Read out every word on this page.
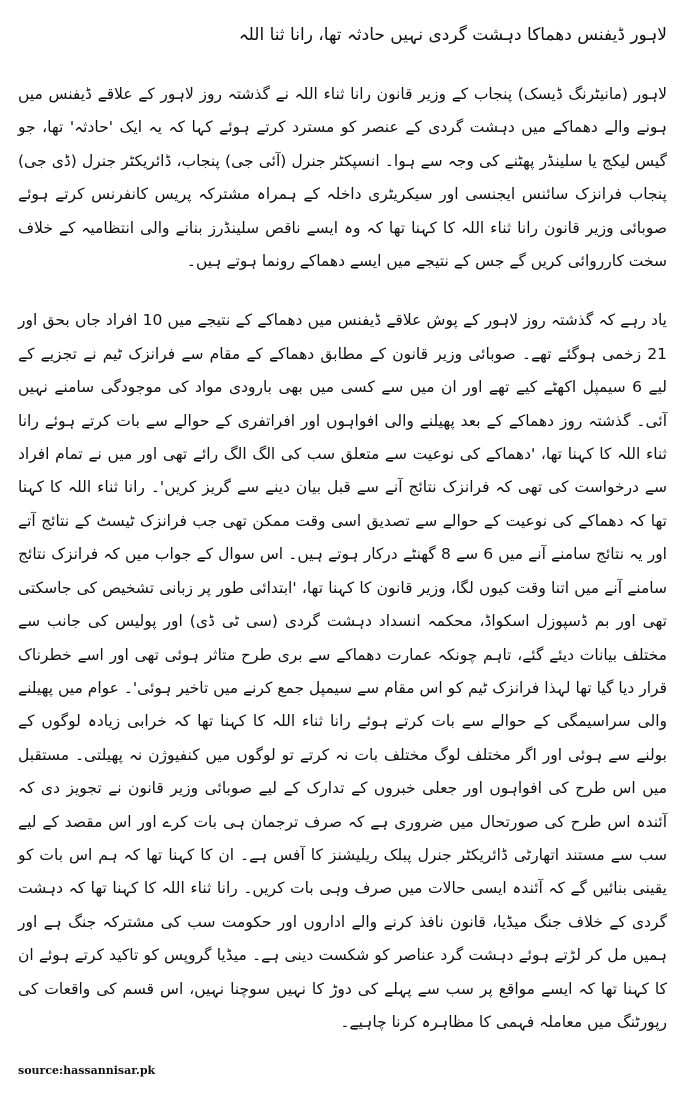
لاہور ڈیفنس دھماکا دہشت گردی نہیں حادثہ تھا، رانا ثنا اللہ

لاہور (مانیٹرنگ ڈیسک) پنجاب کے وزیر قانون رانا ثناء اللہ نے گذشتہ روز لاہور کے علاقے ڈیفنس میں ہونے والے دھماکے میں دہشت گردی کے عنصر کو مسترد کرتے ہوئے کہا کہ یہ ایک 'حادثہ' تھا، جو گیس لیکج یا سلینڈر پھٹنے کی وجہ سے ہوا۔ انسپکٹر جنرل (آئی جی) پنجاب، ڈائریکٹر جنرل (ڈی جی) پنجاب فرانزک سائنس ایجنسی اور سیکریٹری داخلہ کے ہمراہ مشترکہ پریس کانفرنس کرتے ہوئے صوبائی وزیر قانون رانا ثناء اللہ کا کہنا تھا کہ وہ ایسے ناقص سلینڈرز بنانے والی انتظامیہ کے خلاف سخت کارروائی کریں گے جس کے نتیجے میں ایسے دھماکے رونما ہوتے ہیں۔

یاد رہے کہ گذشتہ روز لاہور کے پوش علاقے ڈیفنس میں دھماکے کے نتیجے میں 10 افراد جاں بحق اور 21 زخمی ہوگئے تھے۔ صوبائی وزیر قانون کے مطابق دھماکے کے مقام سے فرانزک ٹیم نے تجزیے کے لیے 6 سیمپل اکھٹے کیے تھے اور ان میں سے کسی میں بھی بارودی مواد کی موجودگی سامنے نہیں آئی۔ گذشتہ روز دھماکے کے بعد پھیلنے والی افواہوں اور افراتفری کے حوالے سے بات کرتے ہوئے رانا ثناء اللہ کا کہنا تھا، 'دھماکے کی نوعیت سے متعلق سب کی الگ الگ رائے تھی اور میں نے تمام افراد سے درخواست کی تھی کہ فرانزک نتائج آنے سے قبل بیان دینے سے گریز کریں'۔ رانا ثناء اللہ کا کہنا تھا کہ دھماکے کی نوعیت کے حوالے سے تصدیق اسی وقت ممکن تھی جب فرانزک ٹیسٹ کے نتائج آتے اور یہ نتائج سامنے آنے میں 6 سے 8 گھنٹے درکار ہوتے ہیں۔ اس سوال کے جواب میں کہ فرانزک نتائج سامنے آنے میں اتنا وقت کیوں لگا، وزیر قانون کا کہنا تھا، 'ابتدائی طور پر زبانی تشخیص کی جاسکتی تھی اور بم ڈسپوزل اسکواڈ، محکمہ انسداد دہشت گردی (سی ٹی ڈی) اور پولیس کی جانب سے مختلف بیانات دیئے گئے، تاہم چونکہ عمارت دھماکے سے بری طرح متاثر ہوئی تھی اور اسے خطرناک قرار دیا گیا تھا لہذا فرانزک ٹیم کو اس مقام سے سیمپل جمع کرنے میں تاخیر ہوئی'۔ عوام میں پھیلنے والی سراسیمگی کے حوالے سے بات کرتے ہوئے رانا ثناء اللہ کا کہنا تھا کہ خرابی زیادہ لوگوں کے بولنے سے ہوئی اور اگر مختلف لوگ مختلف بات نہ کرتے تو لوگوں میں کنفیوژن نہ پھیلتی۔ مستقبل میں اس طرح کی افواہوں اور جعلی خبروں کے تدارک کے لیے صوبائی وزیر قانون نے تجویز دی کہ آئندہ اس طرح کی صورتحال میں ضروری ہے کہ صرف ترجمان ہی بات کرے اور اس مقصد کے لیے سب سے مستند اتھارٹی ڈائریکٹر جنرل پبلک ریلیشنز کا آفس ہے۔ ان کا کہنا تھا کہ ہم اس بات کو یقینی بنائیں گے کہ آئندہ ایسی حالات میں صرف وہی بات کریں۔ رانا ثناء اللہ کا کہنا تھا کہ دہشت گردی کے خلاف جنگ میڈیا، قانون نافذ کرنے والے اداروں اور حکومت سب کی مشترکہ جنگ ہے اور ہمیں مل کر لڑتے ہوئے دہشت گرد عناصر کو شکست دینی ہے۔ میڈیا گروپس کو تاکید کرتے ہوئے ان کا کہنا تھا کہ ایسے مواقع پر سب سے پہلے کی دوڑ کا نہیں سوچنا نہیں، اس قسم کی واقعات کی رپورٹنگ میں معاملہ فہمی کا مظاہرہ کرنا چاہیے۔

source:hassannisar.pk
